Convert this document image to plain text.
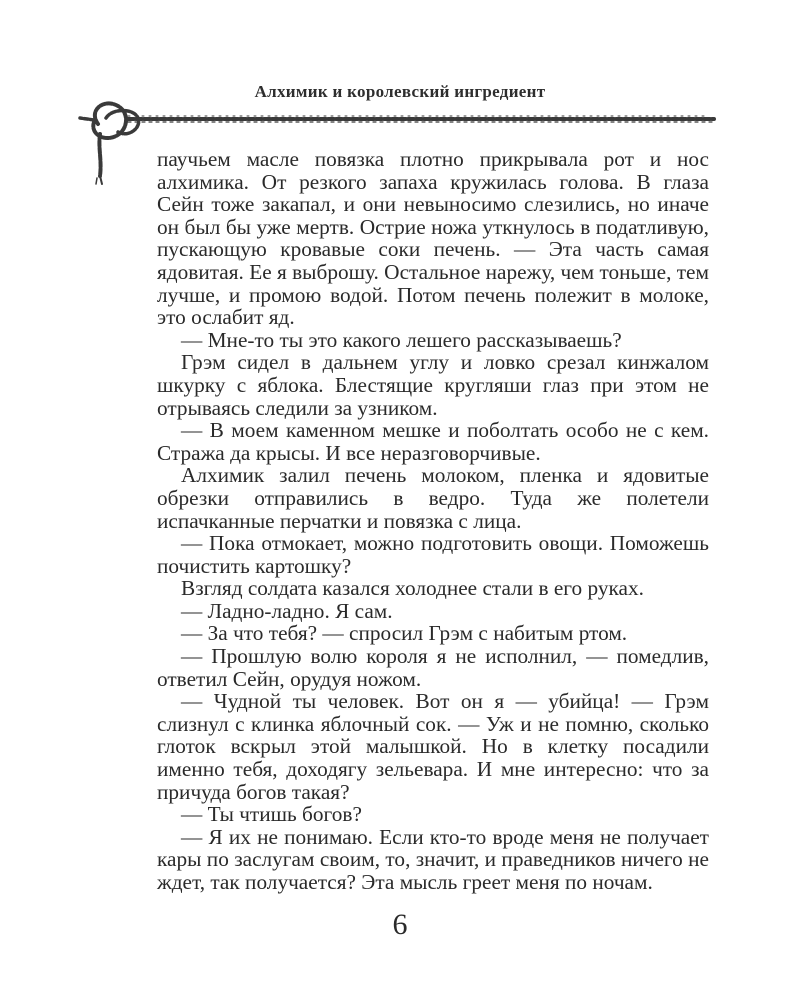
Алхимик и королевский ингредиент

паучьем масле повязка плотно прикрывала рот и нос алхимика. От резкого запаха кружилась голова. В глаза Сейн тоже закапал, и они невыносимо слезились, но иначе он был бы уже мертв. Острие ножа уткнулось в податливую, пускающую кровавые соки печень. — Эта часть самая ядовитая. Ее я выброшу. Остальное нарежу, чем тоньше, тем лучше, и промою водой. Потом печень полежит в молоке, это ослабит яд.

— Мне-то ты это какого лешего рассказываешь?

Грэм сидел в дальнем углу и ловко срезал кинжалом шкурку с яблока. Блестящие кругляши глаз при этом не отрываясь следили за узником.

— В моем каменном мешке и поболтать особо не с кем. Стража да крысы. И все неразговорчивые.

Алхимик залил печень молоком, пленка и ядовитые обрезки отправились в ведро. Туда же полетели испачканные перчатки и повязка с лица.

— Пока отмокает, можно подготовить овощи. Поможешь почистить картошку?

Взгляд солдата казался холоднее стали в его руках.

— Ладно-ладно. Я сам.

— За что тебя? — спросил Грэм с набитым ртом.

— Прошлую волю короля я не исполнил, — помедлив, ответил Сейн, орудуя ножом.

— Чудной ты человек. Вот он я — убийца! — Грэм слизнул с клинка яблочный сок. — Уж и не помню, сколько глоток вскрыл этой малышкой. Но в клетку посадили именно тебя, доходягу зельевара. И мне интересно: что за причуда богов такая?

— Ты чтишь богов?

— Я их не понимаю. Если кто-то вроде меня не получает кары по заслугам своим, то, значит, и праведников ничего не ждет, так получается? Эта мысль греет меня по ночам.

6
